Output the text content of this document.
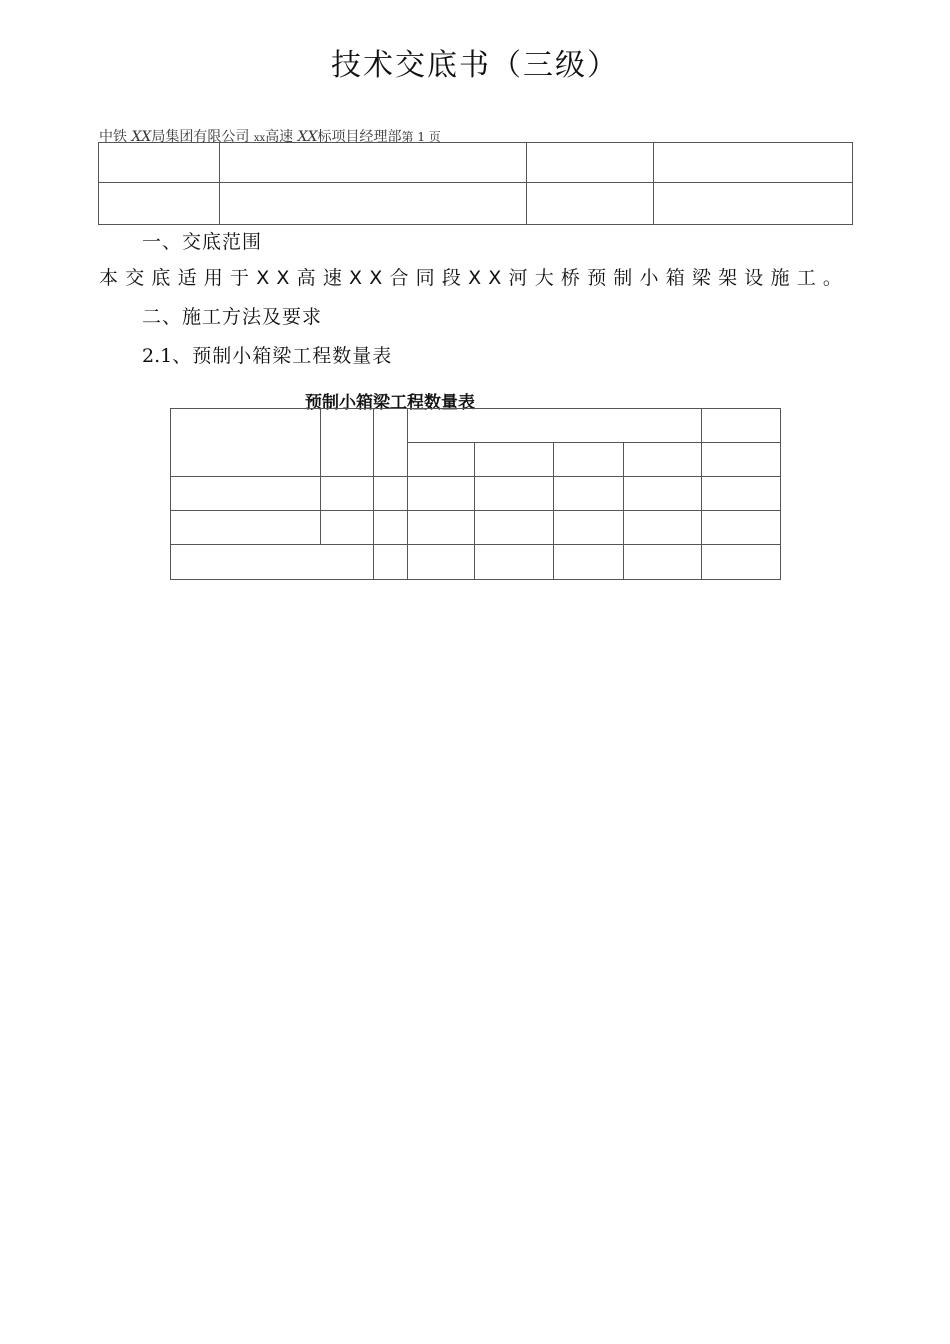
技术交底书（三级）
中铁 XX局集团有限公司 xx高速 XX标项目经理部第 1 页

一、交底范围
本交底适用于XX高速XX合同段XX河大桥预制小箱梁架设施工。
二、施工方法及要求
2.1、预制小箱梁工程数量表
预制小箱梁工程数量表
